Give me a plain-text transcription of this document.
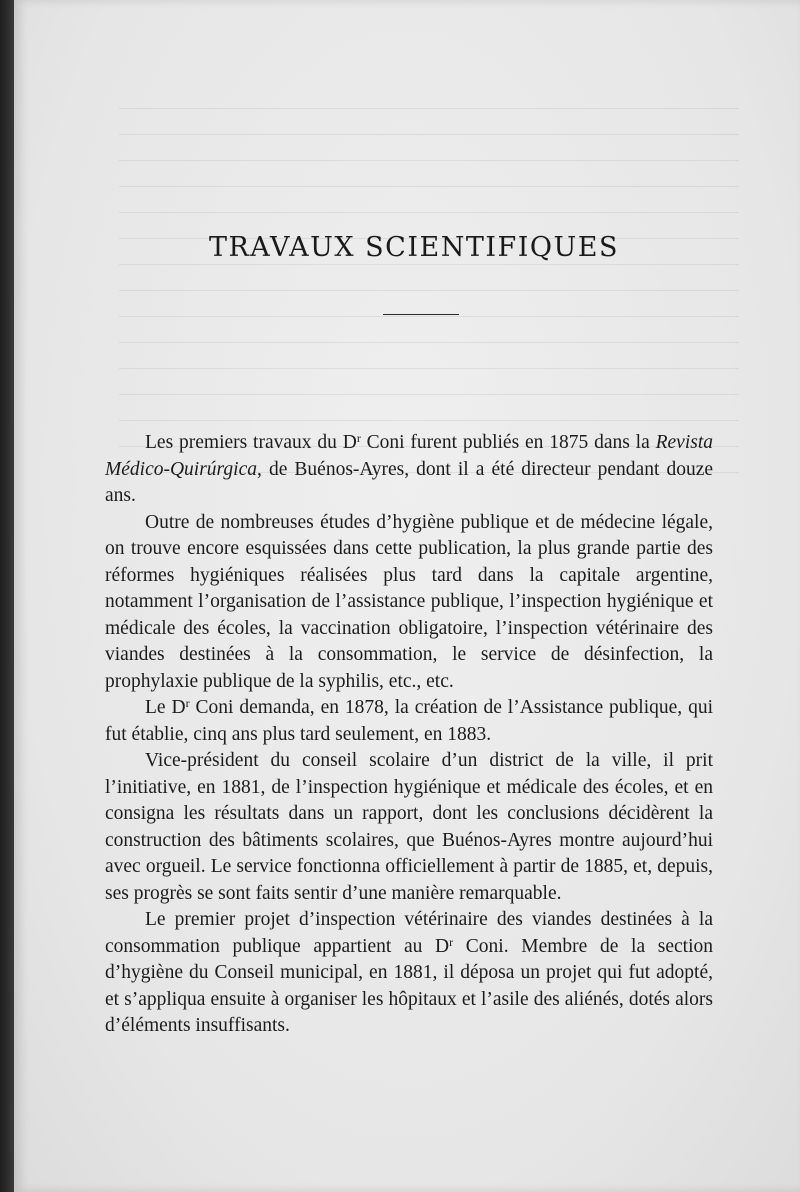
TRAVAUX SCIENTIFIQUES

Les premiers travaux du $D^r$ Coni furent publiés en 1875 dans la Revista Médico-Quirúrgica, de Buénos-Ayres, dont il a été directeur pendant douze ans.

Outre de nombreuses études d’hygiène publique et de médecine légale, on trouve encore esquissées dans cette publication, la plus grande partie des réformes hygiéniques réalisées plus tard dans la capitale argentine, notamment l’organisation de l’assistance publique, l’inspection hygiénique et médicale des écoles, la vaccination obligatoire, l’inspection vétérinaire des viandes destinées à la consommation, le service de désinfection, la prophylaxie publique de la syphilis, etc., etc.

Le $D^r$ Coni demanda, en 1878, la création de l’Assistance publique, qui fut établie, cinq ans plus tard seulement, en 1883.

Vice-président du conseil scolaire d’un district de la ville, il prit l’initiative, en 1881, de l’inspection hygiénique et médicale des écoles, et en consigna les résultats dans un rapport, dont les conclusions décidèrent la construction des bâtiments scolaires, que Buénos-Ayres montre aujourd’hui avec orgueil. Le service fonctionna officiellement à partir de 1885, et, depuis, ses progrès se sont faits sentir d’une manière remarquable.

Le premier projet d’inspection vétérinaire des viandes destinées à la consommation publique appartient au $D^r$ Coni. Membre de la section d’hygiène du Conseil municipal, en 1881, il déposa un projet qui fut adopté, et s’appliqua ensuite à organiser les hôpitaux et l’asile des aliénés, dotés alors d’éléments insuffisants.
